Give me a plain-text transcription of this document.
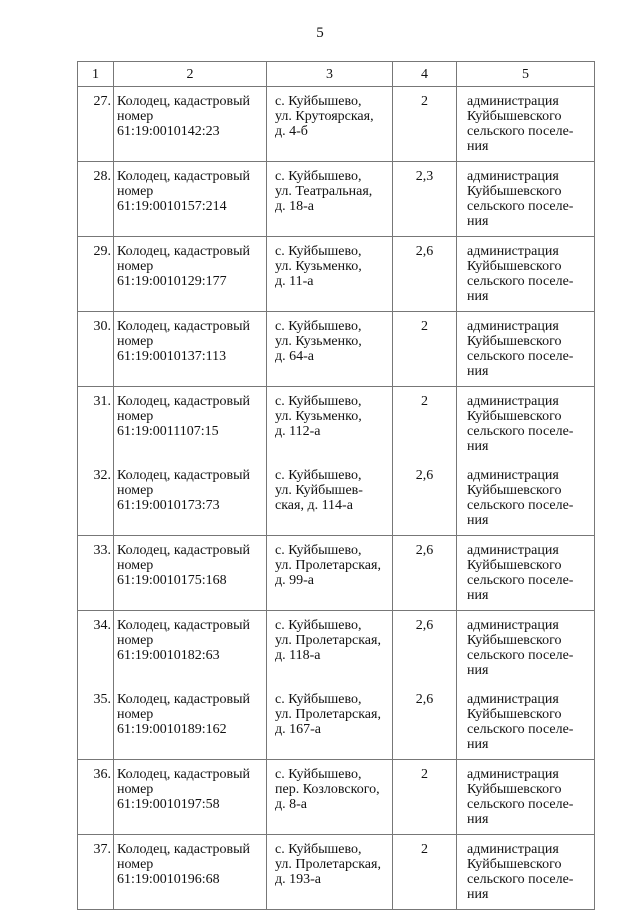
5
1	2	3	4	5
27.	Колодец, кадастровый
номер
61:19:0010142:23	с. Куйбышево,
ул. Крутоярская,
д. 4-б	2	администрация
Куйбышевского
сельского поселе-
ния

28.	Колодец, кадастровый
номер
61:19:0010157:214	с. Куйбышево,
ул. Театральная,
д. 18-а	2,3	администрация
Куйбышевского
сельского поселе-
ния

29.	Колодец, кадастровый
номер
61:19:0010129:177	с. Куйбышево,
ул. Кузьменко,
д. 11-а	2,6	администрация
Куйбышевского
сельского поселе-
ния

30.	Колодец, кадастровый
номер
61:19:0010137:113	с. Куйбышево,
ул. Кузьменко,
д. 64-а	2	администрация
Куйбышевского
сельского поселе-
ния

31.	Колодец, кадастровый
номер
61:19:0011107:15	с. Куйбышево,
ул. Кузьменко,
д. 112-а	2	администрация
Куйбышевского
сельского поселе-
ния

32.	Колодец, кадастровый
номер
61:19:0010173:73	с. Куйбышево,
ул. Куйбышев-
ская, д. 114-а	2,6	администрация
Куйбышевского
сельского поселе-
ния

33.	Колодец, кадастровый
номер
61:19:0010175:168	с. Куйбышево,
ул. Пролетарская,
д. 99-а	2,6	администрация
Куйбышевского
сельского поселе-
ния

34.	Колодец, кадастровый
номер
61:19:0010182:63	с. Куйбышево,
ул. Пролетарская,
д. 118-а	2,6	администрация
Куйбышевского
сельского поселе-
ния

35.	Колодец, кадастровый
номер
61:19:0010189:162	с. Куйбышево,
ул. Пролетарская,
д. 167-а	2,6	администрация
Куйбышевского
сельского поселе-
ния

36.	Колодец, кадастровый
номер
61:19:0010197:58	с. Куйбышево,
пер. Козловского,
д. 8-а	2	администрация
Куйбышевского
сельского поселе-
ния

37.	Колодец, кадастровый
номер
61:19:0010196:68	с. Куйбышево,
ул. Пролетарская,
д. 193-а	2	администрация
Куйбышевского
сельского поселе-
ния
